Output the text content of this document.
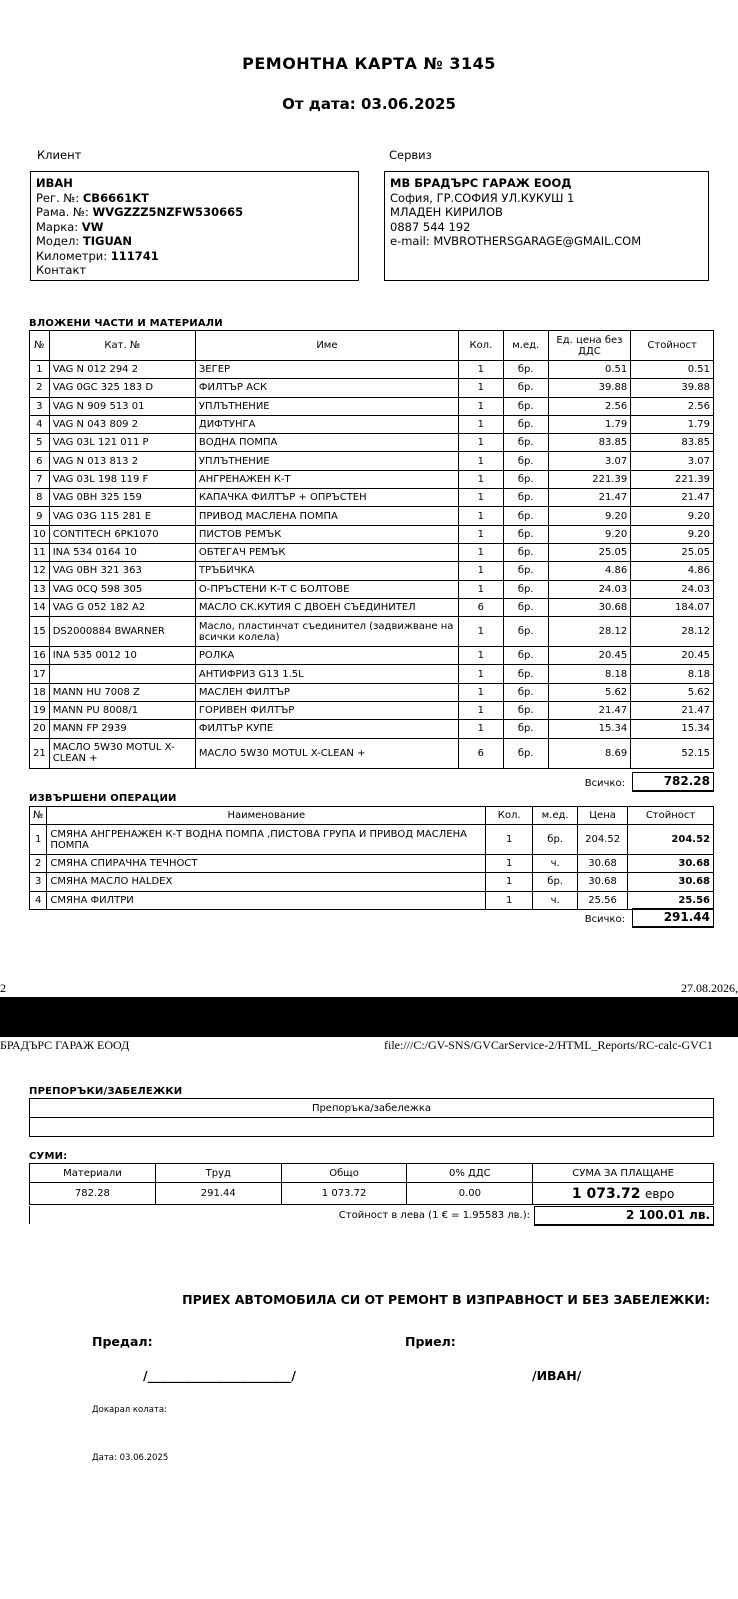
РЕМОНТНА КАРТА № 3145
От дата: 03.06.2025
Клиент	Сервиз
ИВАН
Рег. №: CB6661KT
Рама. №: WVGZZZ5NZFW530665
Марка: VW
Модел: TIGUAN
Километри: 111741
Контакт
МВ БРАДЪРС ГАРАЖ ЕООД
София, ГР.СОФИЯ УЛ.КУКУШ 1
МЛАДЕН КИРИЛОВ
0887 544 192
e-mail: MVBROTHERSGARAGE@GMAIL.COM
ВЛОЖЕНИ ЧАСТИ И МАТЕРИАЛИ
№	Кат. №	Име	Кол.	м.ед.	Ед. цена без ДДС	Стойност
1	VAG N 012 294 2	ЗЕГЕР	1	бр.	0.51	0.51
2	VAG 0GC 325 183 D	ФИЛТЪР АСК	1	бр.	39.88	39.88
3	VAG N 909 513 01	УПЛЪТНЕНИЕ	1	бр.	2.56	2.56
4	VAG N 043 809 2	ДИФТУНГА	1	бр.	1.79	1.79
5	VAG 03L 121 011 P	ВОДНА ПОМПА	1	бр.	83.85	83.85
6	VAG N 013 813 2	УПЛЪТНЕНИЕ	1	бр.	3.07	3.07
7	VAG 03L 198 119 F	АНГРЕНАЖЕН К-Т	1	бр.	221.39	221.39
8	VAG 0BH 325 159	КАПАЧКА ФИЛТЪР + ОПРЪСТЕН	1	бр.	21.47	21.47
9	VAG 03G 115 281 E	ПРИВОД МАСЛЕНА ПОМПА	1	бр.	9.20	9.20
10	CONTITECH 6PK1070	ПИСТОВ РЕМЪК	1	бр.	9.20	9.20
11	INA 534 0164 10	ОБТЕГАЧ РЕМЪК	1	бр.	25.05	25.05
12	VAG 0BH 321 363	ТРЪБИЧКА	1	бр.	4.86	4.86
13	VAG 0CQ 598 305	О-ПРЪСТЕНИ К-Т С БОЛТОВЕ	1	бр.	24.03	24.03
14	VAG G 052 182 A2	МАСЛО СК.КУТИЯ С ДВОЕН СЪЕДИНИТЕЛ	6	бр.	30.68	184.07
15	DS2000884 BWARNER	Масло, пластинчат съединител (задвижване на всички колела)	1	бр.	28.12	28.12
16	INA 535 0012 10	РОЛКА	1	бр.	20.45	20.45
17		АНТИФРИЗ G13 1.5L	1	бр.	8.18	8.18
18	MANN HU 7008 Z	МАСЛЕН ФИЛТЪР	1	бр.	5.62	5.62
19	MANN PU 8008/1	ГОРИВЕН ФИЛТЪР	1	бр.	21.47	21.47
20	MANN FP 2939	ФИЛТЪР КУПЕ	1	бр.	15.34	15.34
21	МАСЛО 5W30 MOTUL X-CLEAN +	МАСЛО 5W30 MOTUL X-CLEAN +	6	бр.	8.69	52.15
Всичко:	782.28
ИЗВЪРШЕНИ ОПЕРАЦИИ
№	Наименование	Кол.	м.ед.	Цена	Стойност
1	СМЯНА АНГРЕНАЖЕН К-Т ВОДНА ПОМПА ,ПИСТОВА ГРУПА И ПРИВОД МАСЛЕНА ПОМПА	1	бр.	204.52	204.52
2	СМЯНА СПИРАЧНА ТЕЧНОСТ	1	ч.	30.68	30.68
3	СМЯНА МАСЛО HALDEX	1	бр.	30.68	30.68
4	СМЯНА ФИЛТРИ	1	ч.	25.56	25.56
Всичко:	291.44
2	27.08.2026,
БРАДЪРС ГАРАЖ ЕООД	file:///C:/GV-SNS/GVCarService-2/HTML_Reports/RC-calc-GVC1
ПРЕПОРЪКИ/ЗАБЕЛЕЖКИ
Препоръка/забележка

СУМИ:
Материали	Труд	Общо	0% ДДС	СУМА ЗА ПЛАЩАНЕ
782.28	291.44	1 073.72	0.00	1 073.72 евро
Стойност в лева (1 € = 1.95583 лв.):	2 100.01 лв.
ПРИЕХ АВТОМОБИЛА СИ ОТ РЕМОНТ В ИЗПРАВНОСТ И БЕЗ ЗАБЕЛЕЖКИ:
Предал:	Приел:
/_______________________/	/ИВАН/
Докарал колата:
Дата: 03.06.2025
